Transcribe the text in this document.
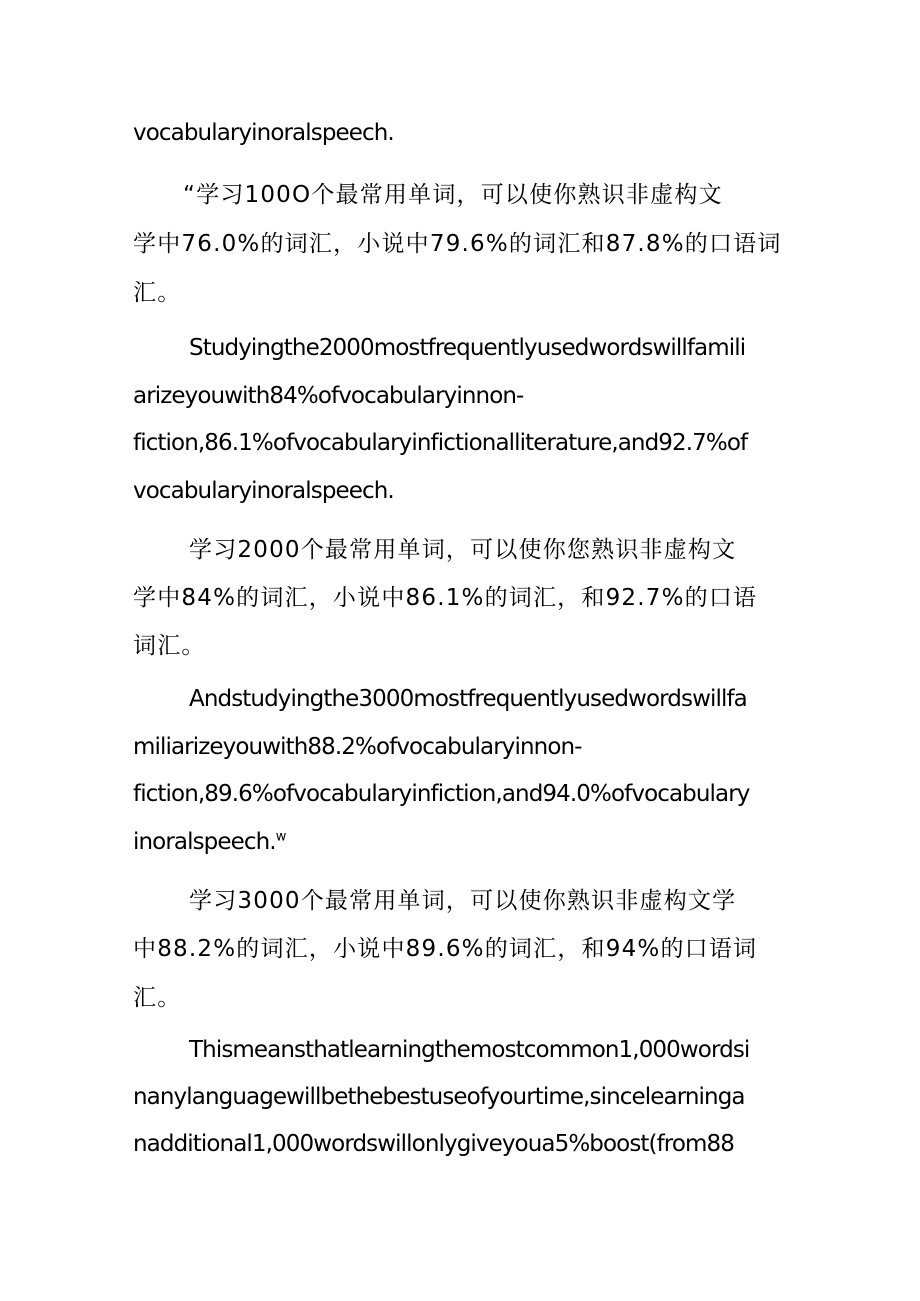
vocabularyinoralspeech.

“学习100O个最常用单词，可以使你熟识非虚构文

学中76.0%的词汇，小说中79.6%的词汇和87.8%的口语词

汇。

Studyingthe2000mostfrequentlyusedwordswillfamili

arizeyouwith84%ofvocabularyinnon-

fiction,86.1%ofvocabularyinfictionalliterature,and92.7%of

vocabularyinoralspeech.

学习2000个最常用单词，可以使你您熟识非虚构文

学中84%的词汇，小说中86.1%的词汇，和92.7%的口语

词汇。

Andstudyingthe3000mostfrequentlyusedwordswillfa

miliarizeyouwith88.2%ofvocabularyinnon-

fiction,89.6%ofvocabularyinfiction,and94.0%ofvocabulary

inoralspeech.$^w$

学习3000个最常用单词，可以使你熟识非虚构文学

中88.2%的词汇，小说中89.6%的词汇，和94%的口语词

汇。

Thismeansthatlearningthemostcommon1,000wordsi

nanylanguagewillbethebestuseofyourtime,sincelearninga

nadditional1,000wordswillonlygiveyoua5%boost(from88
